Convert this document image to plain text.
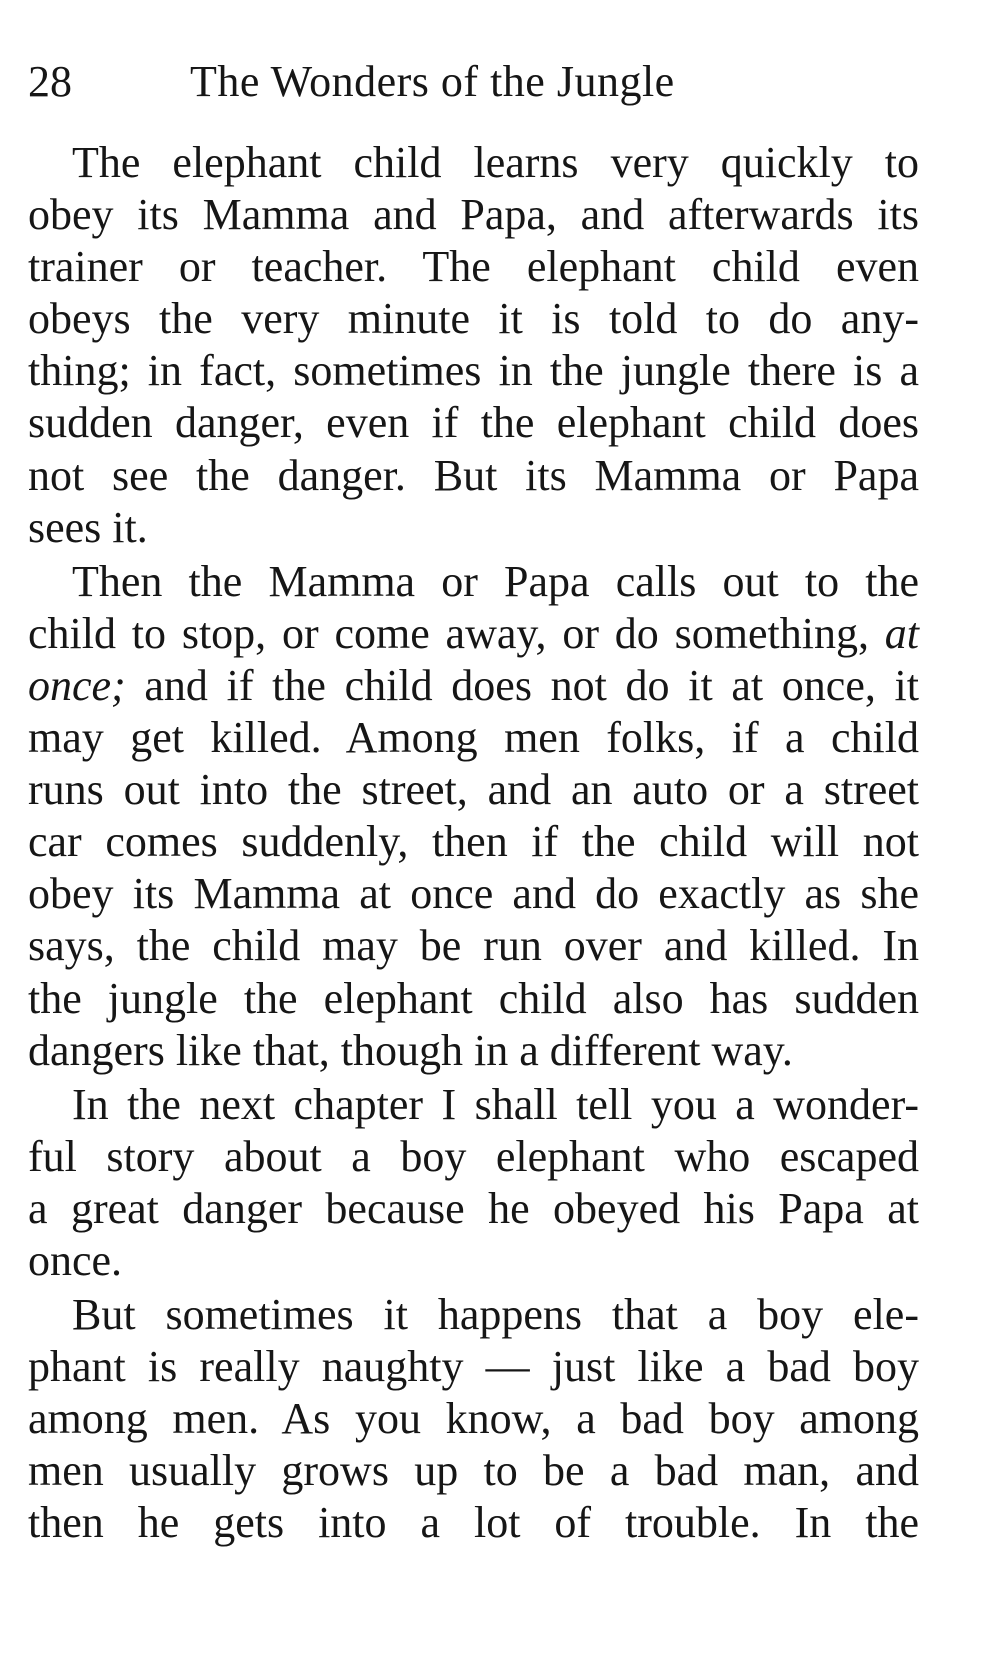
28	The Wonders of the Jungle

The elephant child learns very quickly to
obey its Mamma and Papa, and afterwards its
trainer or teacher. The elephant child even
obeys the very minute it is told to do any-
thing; in fact, sometimes in the jungle there is a
sudden danger, even if the elephant child does
not see the danger. But its Mamma or Papa
sees it.

Then the Mamma or Papa calls out to the
child to stop, or come away, or do something, at
once; and if the child does not do it at once, it
may get killed. Among men folks, if a child
runs out into the street, and an auto or a street
car comes suddenly, then if the child will not
obey its Mamma at once and do exactly as she
says, the child may be run over and killed. In
the jungle the elephant child also has sudden
dangers like that, though in a different way.

In the next chapter I shall tell you a wonder-
ful story about a boy elephant who escaped
a great danger because he obeyed his Papa at
once.

But sometimes it happens that a boy ele-
phant is really naughty — just like a bad boy
among men. As you know, a bad boy among
men usually grows up to be a bad man, and
then he gets into a lot of trouble. In the
